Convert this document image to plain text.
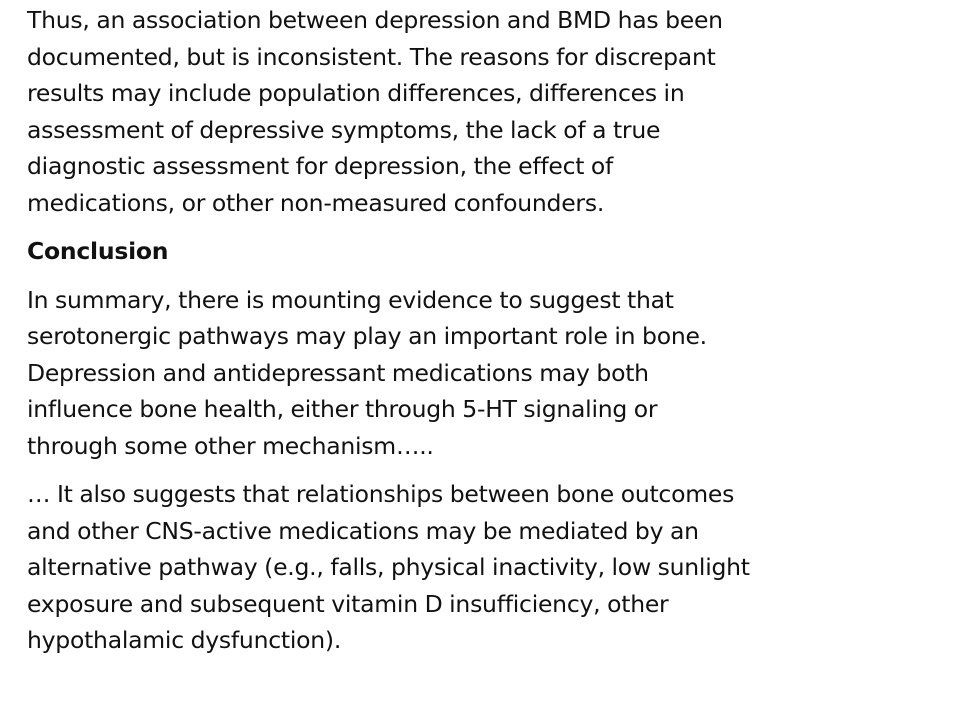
Thus, an association between depression and BMD has been
documented, but is inconsistent. The reasons for discrepant
results may include population differences, differences in
assessment of depressive symptoms, the lack of a true
diagnostic assessment for depression, the effect of
medications, or other non-measured confounders.

Conclusion

In summary, there is mounting evidence to suggest that
serotonergic pathways may play an important role in bone.
Depression and antidepressant medications may both
influence bone health, either through 5-HT signaling or
through some other mechanism…..

… It also suggests that relationships between bone outcomes
and other CNS-active medications may be mediated by an
alternative pathway (e.g., falls, physical inactivity, low sunlight
exposure and subsequent vitamin D insufficiency, other
hypothalamic dysfunction).
